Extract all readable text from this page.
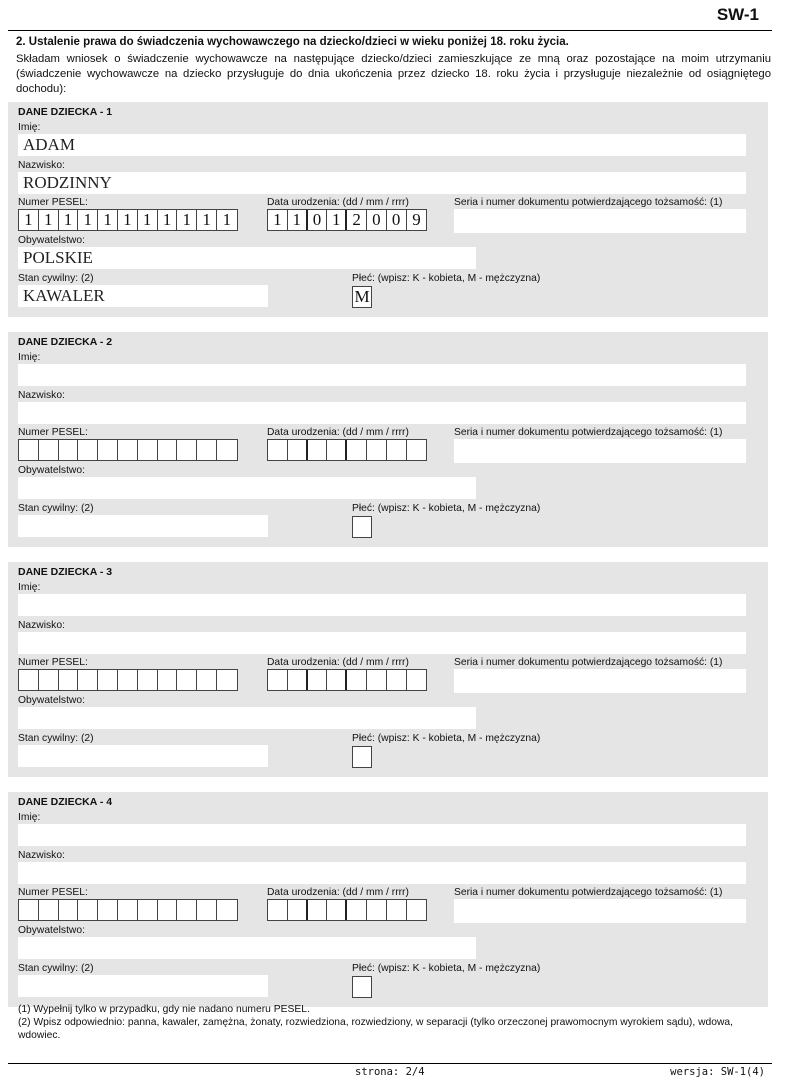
SW-1
2. Ustalenie prawa do świadczenia wychowawczego na dziecko/dzieci w wieku poniżej 18. roku życia.
Składam wniosek o świadczenie wychowawcze na następujące dziecko/dzieci zamieszkujące ze mną oraz pozostające na moim utrzymaniu (świadczenie wychowawcze na dziecko przysługuje do dnia ukończenia przez dziecko 18. roku życia i przysługuje niezależnie od osiągniętego dochodu):
DANE DZIECKA - 1
Imię:
ADAM
Nazwisko:
RODZINNY
Numer PESEL:
1 1 1 1 1 1 1 1 1 1 1
Data urodzenia: (dd / mm / rrrr)
1 1 0 1 2 0 0 9
Seria i numer dokumentu potwierdzającego tożsamość: (1)
Obywatelstwo:
POLSKIE
Stan cywilny: (2)
KAWALER
Płeć: (wpisz: K - kobieta, M - mężczyzna)
M
DANE DZIECKA - 2
Imię:
Nazwisko:
Numer PESEL:	Data urodzenia: (dd / mm / rrrr)	Seria i numer dokumentu potwierdzającego tożsamość: (1)
Obywatelstwo:
Stan cywilny: (2)	Płeć: (wpisz: K - kobieta, M - mężczyzna)
DANE DZIECKA - 3
Imię:
Nazwisko:
Numer PESEL:	Data urodzenia: (dd / mm / rrrr)	Seria i numer dokumentu potwierdzającego tożsamość: (1)
Obywatelstwo:
Stan cywilny: (2)	Płeć: (wpisz: K - kobieta, M - mężczyzna)
DANE DZIECKA - 4
Imię:
Nazwisko:
Numer PESEL:	Data urodzenia: (dd / mm / rrrr)	Seria i numer dokumentu potwierdzającego tożsamość: (1)
Obywatelstwo:
Stan cywilny: (2)	Płeć: (wpisz: K - kobieta, M - mężczyzna)
(1) Wypełnij tylko w przypadku, gdy nie nadano numeru PESEL.
(2) Wpisz odpowiednio: panna, kawaler, zamężna, żonaty, rozwiedziona, rozwiedziony, w separacji (tylko orzeczonej prawomocnym wyrokiem sądu), wdowa, wdowiec.
strona: 2/4	wersja: SW-1(4)
